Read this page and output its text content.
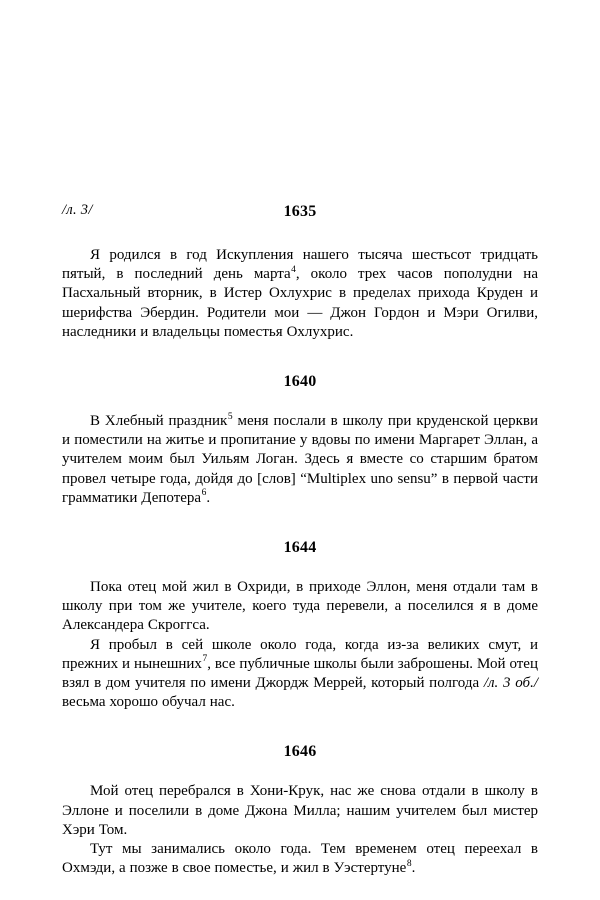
/л. 3/	1635

Я родился в год Искупления нашего тысяча шестьсот тридцать пятый, в последний день марта$^4$, около трех часов пополудни на Пасхальный вторник, в Истер Охлухрис в пределах прихода Круден и шерифства Эбердин. Родители мои — Джон Гордон и Мэри Огилви, наследники и владельцы поместья Охлухрис.

1640

В Хлебный праздник$^5$ меня послали в школу при круденской церкви и поместили на житье и пропитание у вдовы по имени Маргарет Эллан, а учителем моим был Уильям Логан. Здесь я вместе со старшим братом провел четыре года, дойдя до [слов] “Multiplex uno sensu” в первой части грамматики Депотера$^6$.

1644

Пока отец мой жил в Охриди, в приходе Эллон, меня отдали там в школу при том же учителе, коего туда перевели, а поселился я в доме Александера Скроггса.

Я пробыл в сей школе около года, когда из-за великих смут, и прежних и нынешних$^7$, все публичные школы были заброшены. Мой отец взял в дом учителя по имени Джордж Меррей, который полгода /л. 3 об./ весьма хорошо обучал нас.

1646

Мой отец перебрался в Хони-Крук, нас же снова отдали в школу в Эллоне и поселили в доме Джона Милла; нашим учителем был мистер Хэри Том.

Тут мы занимались около года. Тем временем отец переехал в Охмэди, а позже в свое поместье, и жил в Уэстертуне$^8$.
